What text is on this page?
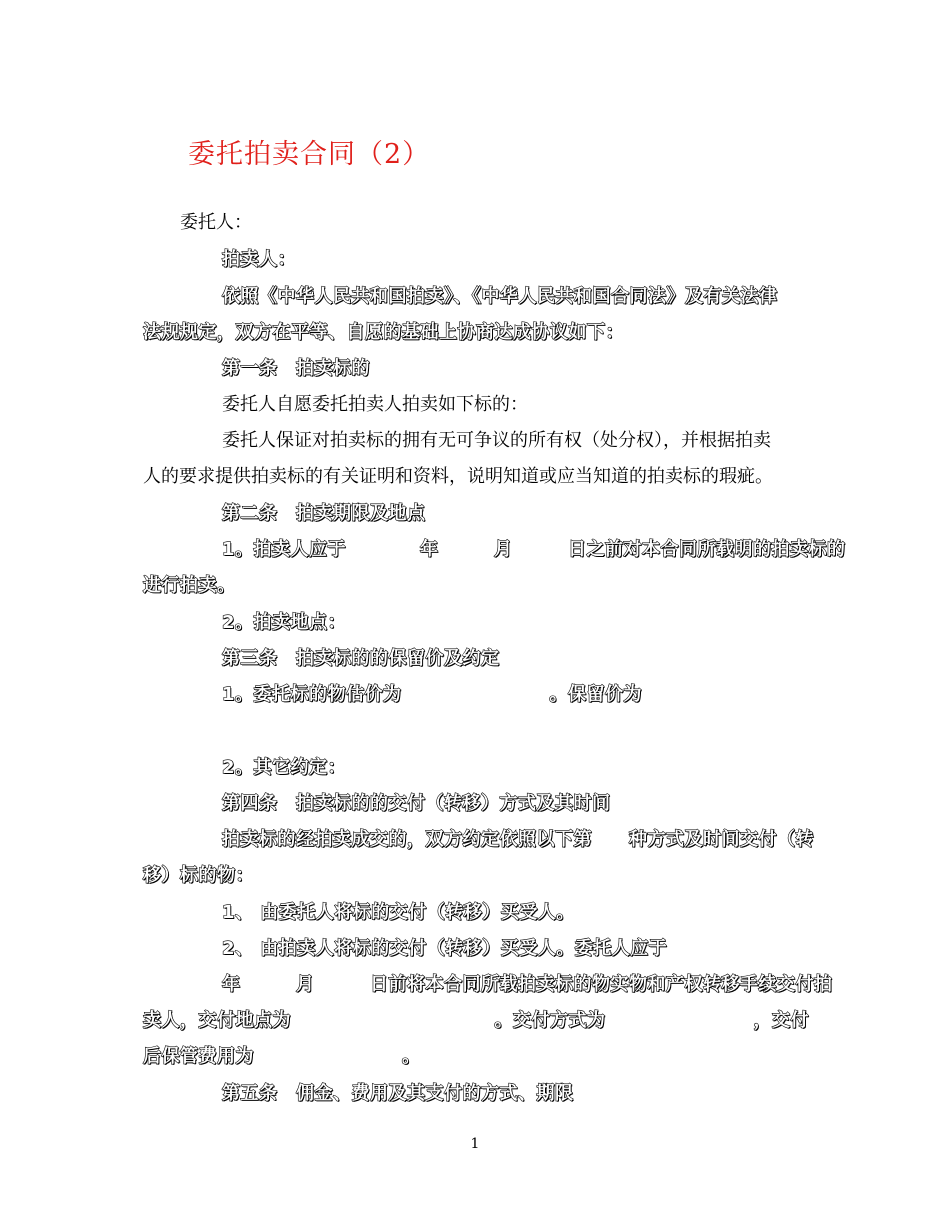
委托拍卖合同（2）
委托人：
拍卖人：
依照《中华人民共和国拍卖》、《中华人民共和国合同法》及有关法律
法规规定，双方在平等、自愿的基础上协商达成协议如下：
第一条　拍卖标的
委托人自愿委托拍卖人拍卖如下标的：
委托人保证对拍卖标的拥有无可争议的所有权（处分权），并根据拍卖
人的要求提供拍卖标的有关证明和资料，说明知道或应当知道的拍卖标的瑕疵。
第二条　拍卖期限及地点
1。拍卖人应于　　　　年　　　月　　　日之前对本合同所载明的拍卖标的
进行拍卖。
2。拍卖地点：
第三条　拍卖标的的保留价及约定
1。委托标的物估价为　　　　　　　　。保留价为
2。其它约定：
第四条　拍卖标的的交付（转移）方式及其时间
拍卖标的经拍卖成交的，双方约定依照以下第　　种方式及时间交付（转
移）标的物：
1、 由委托人将标的交付（转移）买受人。
2、 由拍卖人将标的交付（转移）买受人。委托人应于
年　　　月　　　日前将本合同所载拍卖标的物实物和产权转移手续交付拍
卖人，交付地点为　　　　　　　　　　　。交付方式为　　　　　　　　，交付
后保管费用为　　　　　　　　。
第五条　佣金、费用及其支付的方式、期限
1
